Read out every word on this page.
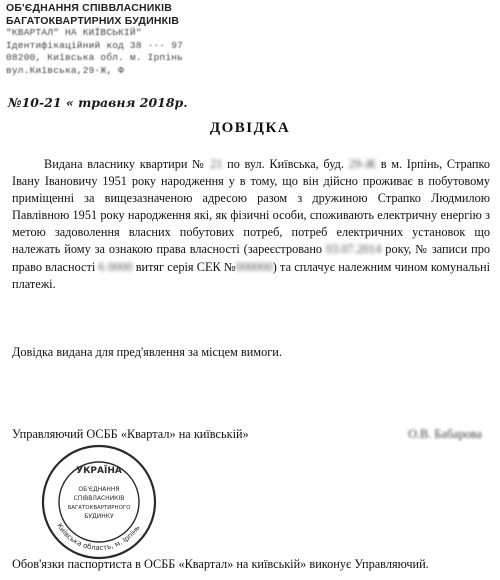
ОБ'ЄДНАННЯ СПІВВЛАСНИКІВ
БАГАТОКВАРТИРНИХ БУДИНКІВ
"КВАРТАЛ" НА КИЇВСЬКІЙ"
Ідентифікаційний код 38 ··· 97
08200, Київська обл. м. Ірпінь
вул.Київська,29-Ж, Ф
№10-21 « травня 2018р.
ДОВІДКА
Видана власнику квартири № 21 по вул. Київська, буд. 29-Ж в м. Ірпінь, Страпко Івану Івановичу 1951 року народження у в тому, що він дійсно проживає в побутовому приміщенні за вищезазначеною адресою разом з дружиною Страпко Людмилою Павлівною 1951 року народження які, як фізичні особи, споживають електричну енергію з метою задоволення власних побутових потреб, потреб електричних установок що належать йому за ознакою права власності (зареєстровано 03.07.2014 року, № записи про право власності 6 0000 витяг серія СЕК №000000) та сплачує належним чином комунальні платежі.
Довідка видана для пред'явлення за місцем вимоги.
Управляючий ОСББ «Квартал» на київській»	О.В. Бабарова
Київська область, м. Ірпінь
УКРАЇНА
ОБ'ЄДНАННЯ
СПІВВЛАСНИКІВ
БАГАТОКВАРТИРНОГО
БУДИНКУ
Обов'язки паспортиста в ОСББ «Квартал» на київській» виконує Управляючий.
